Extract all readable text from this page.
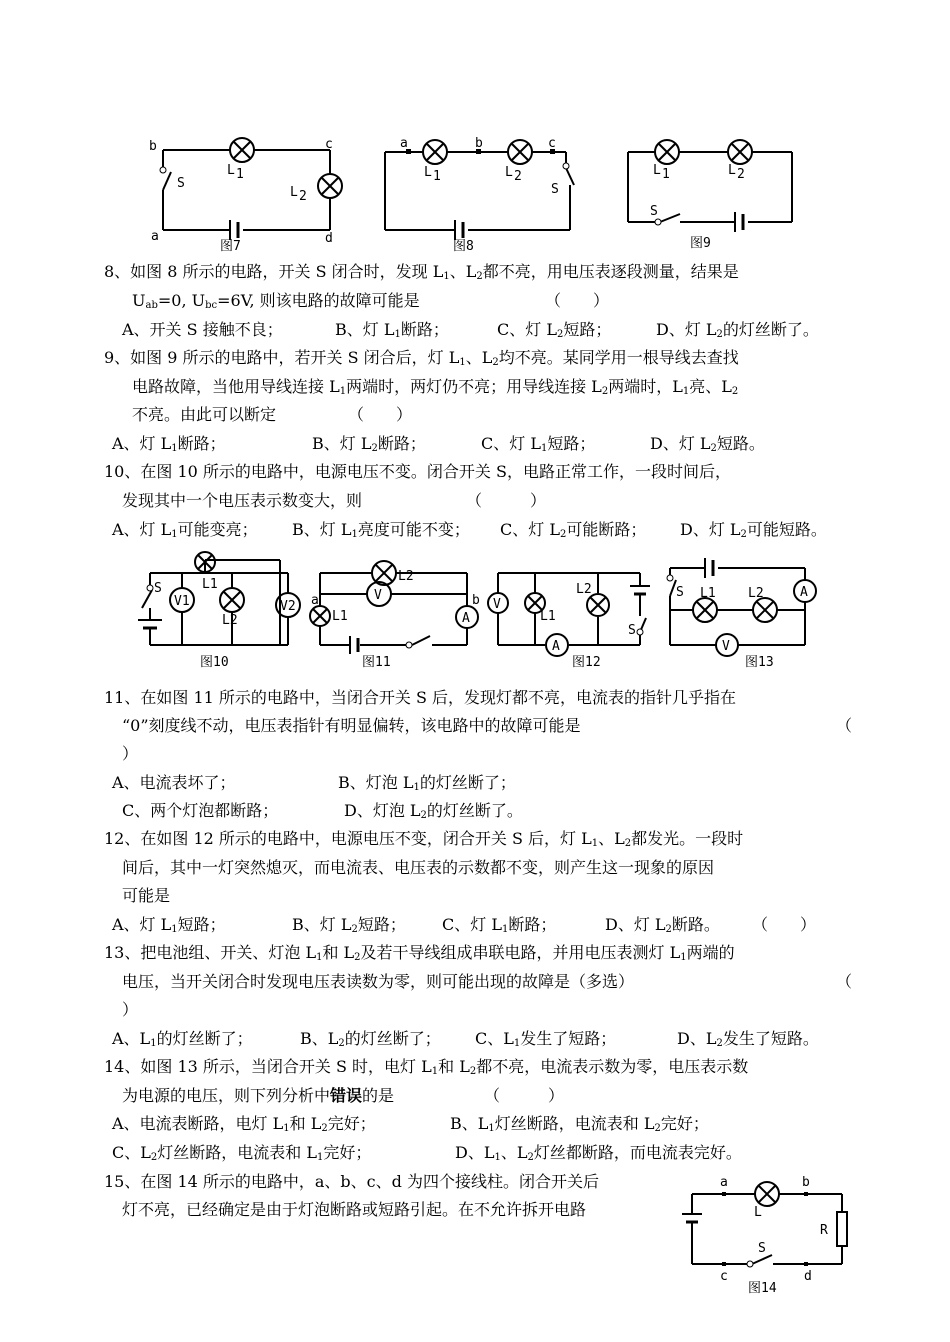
b	c
a	d
S
L 1
L 2
图7
a	b	c
S
L 1	L 2
图8
S
L 1	L 2
图9
8、如图 8 所示的电路，开关 S 闭合时，发现 $L_1$、$L_2$都不亮，用电压表逐段测量，结果是
$U_{ab}=0$, $U_{bc}=6V$, 则该电路的故障可能是	（　　）
A、开关 S 接触不良；	B、灯 $L_1$断路；	C、灯 $L_2$短路；	D、灯 $L_2$的灯丝断了。
9、如图 9 所示的电路中，若开关 S 闭合后，灯 $L_1$、$L_2$均不亮。某同学用一根导线去查找
电路故障，当他用导线连接 $L_1$两端时，两灯仍不亮；用导线连接 $L_2$两端时，$L_1$亮、$L_2$
不亮。由此可以断定	（　　）
A、灯 $L_1$断路；	B、灯 $L_2$断路；	C、灯 $L_1$短路；	D、灯 $L_2$短路。
10、在图 10 所示的电路中，电源电压不变。闭合开关 S，电路正常工作，一段时间后，
发现其中一个电压表示数变大，则	（　　　）
A、灯 $L_1$可能变亮； B、灯 $L_1$亮度可能不变； C、灯 $L_2$可能断路； D、灯 $L_2$可能短路。
S
V1	V2
L1
L2
图10
L2
V
a	b
L1	A
图11
V
L1
L2
A
S
图12
S L1 L2	A
V
图13
11、在如图 11 所示的电路中，当闭合开关 S 后，发现灯都不亮，电流表的指针几乎指在
“0”刻度线不动，电压表指针有明显偏转，该电路中的故障可能是	（
）
A、电流表坏了；	B、灯泡 $L_1$的灯丝断了；
C、两个灯泡都断路；	D、灯泡 $L_2$的灯丝断了。
12、在如图 12 所示的电路中，电源电压不变，闭合开关 S 后，灯 $L_1$、$L_2$都发光。一段时
间后，其中一灯突然熄灭，而电流表、电压表的示数都不变，则产生这一现象的原因
可能是
A、灯 $L_1$短路；	B、灯 $L_2$短路； C、灯 $L_1$断路；	D、灯 $L_2$断路。 （　　）
13、把电池组、开关、灯泡 $L_1$和 $L_2$及若干导线组成串联电路，并用电压表测灯 $L_1$两端的
电压，当开关闭合时发现电压表读数为零，则可能出现的故障是（多选）	（
）
A、$L_1$的灯丝断了；	B、$L_2$的灯丝断了； C、$L_1$发生了短路；	D、$L_2$发生了短路。
14、如图 13 所示，当闭合开关 S 时，电灯 $L_1$和 $L_2$都不亮，电流表示数为零，电压表示数
为电源的电压，则下列分析中错误的是	（　　　）
A、电流表断路，电灯 $L_1$和 $L_2$完好；	B、$L_1$灯丝断路，电流表和 $L_2$完好；
C、$L_2$灯丝断路，电流表和 $L_1$完好；	D、$L_1$、$L_2$灯丝都断路，而电流表完好。
15、在图 14 所示的电路中，a、b、c、d 为四个接线柱。闭合开关后
灯不亮，已经确定是由于灯泡断路或短路引起。在不允许拆开电路
a	b
c	d
L
R
S
图14
